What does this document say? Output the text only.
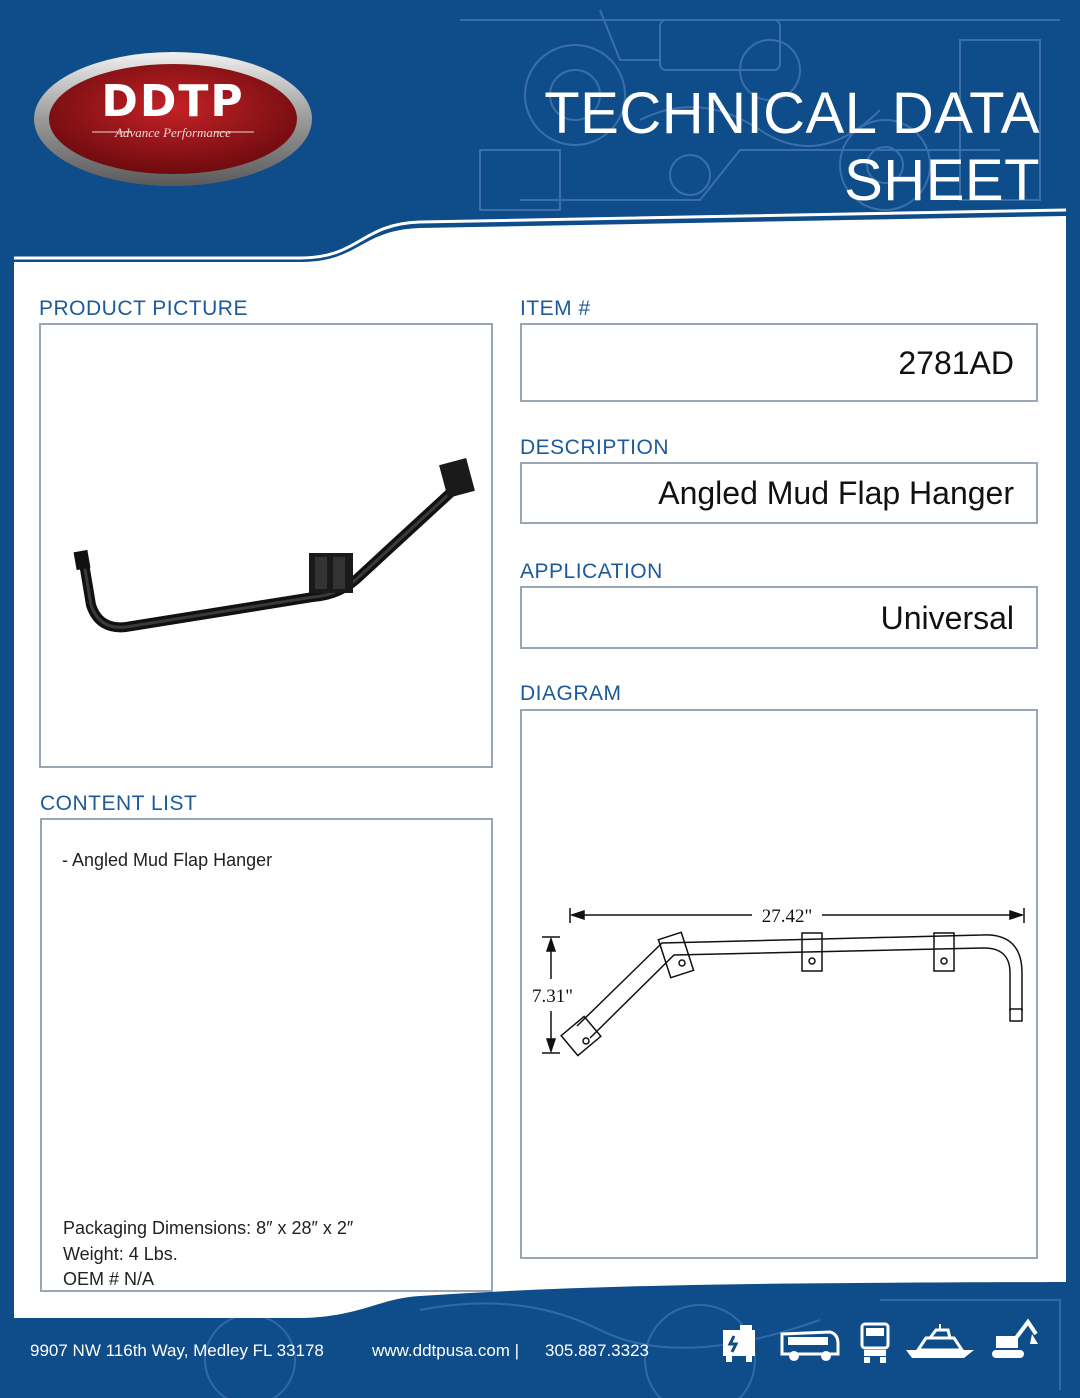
DDTP
Advance Performance	TECHNICAL DATA SHEET
PRODUCT PICTURE	ITEM #
2781AD
DESCRIPTION
Angled Mud Flap Hanger
APPLICATION
Universal
DIAGRAM
27.42"
7.31"
CONTENT LIST
- Angled Mud Flap Hanger
Packaging Dimensions: 8″ x 28″ x 2″
Weight: 4 Lbs.
OEM # N/A
9907 NW 116th Way, Medley FL 33178	www.ddtpusa.com | 305.887.3323
